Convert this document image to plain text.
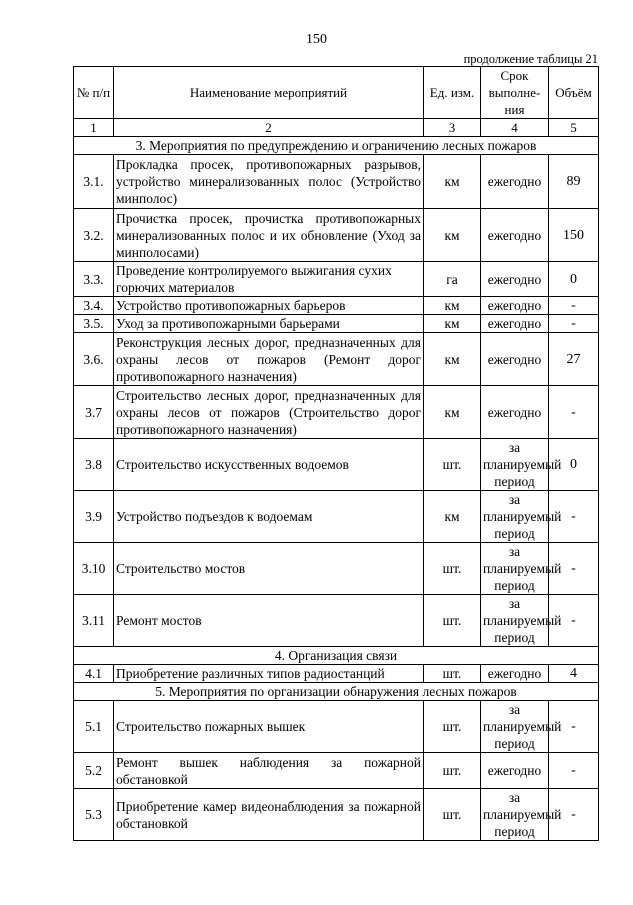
150
продолжение таблицы 21
№ п/п	Наименование мероприятий	Ед. изм.	Срок выполне-ния	Объём
1	2	3	4	5
3. Мероприятия по предупреждению и ограничению лесных пожаров				
3.1.	Прокладка просек, противопожарных разрывов, устройство минерализованных полос (Устройство минполос)	км	ежегодно	89
3.2.	Прочистка просек, прочистка противопожарных минерализованных полос и их обновление (Уход за минполосами)	км	ежегодно	150
3.3.	Проведение контролируемого выжигания сухих горючих материалов	га	ежегодно	0
3.4.	Устройство противопожарных барьеров	км	ежегодно	-
3.5.	Уход за противопожарными барьерами	км	ежегодно	-
3.6.	Реконструкция лесных дорог, предназначенных для охраны лесов от пожаров (Ремонт дорог противопожарного назначения)	км	ежегодно	27
3.7	Строительство лесных дорог, предназначенных для охраны лесов от пожаров (Строительство дорог противопожарного назначения)	км	ежегодно	-
3.8	Строительство искусственных водоемов	шт.	за планируемый период	0
3.9	Устройство подъездов к водоемам	км	за планируемый период	-
3.10	Строительство мостов	шт.	за планируемый период	-
3.11	Ремонт мостов	шт.	за планируемый период	-
4. Организация связи				
4.1	Приобретение различных типов радиостанций	шт.	ежегодно	4
5. Мероприятия по организации обнаружения лесных пожаров				
5.1	Строительство пожарных вышек	шт.	за планируемый период	-
5.2	Ремонт вышек наблюдения за пожарной обстановкой	шт.	ежегодно	-
5.3	Приобретение камер видеонаблюдения за пожарной обстановкой	шт.	за планируемый период	-
